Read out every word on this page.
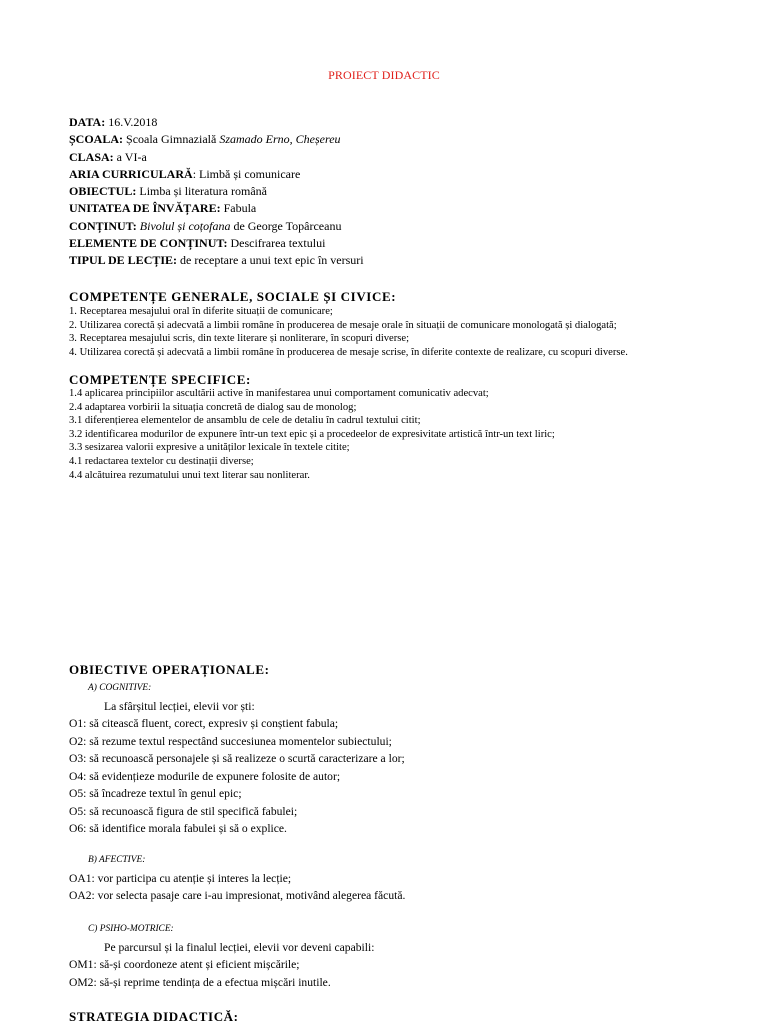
PROIECT DIDACTIC
DATA: 16.V.2018
ȘCOALA: Școala Gimnazială Szamado Erno, Cheșereu
CLASA: a VI-a
ARIA CURRICULARĂ: Limbă și comunicare
OBIECTUL: Limba și literatura română
UNITATEA DE ÎNVĂȚARE: Fabula
CONȚINUT: Bivolul și coțofana de George Topârceanu
ELEMENTE DE CONȚINUT: Descifrarea textului
TIPUL DE LECȚIE: de receptare a unui text epic în versuri
COMPETENȚE GENERALE, SOCIALE ȘI CIVICE:
1. Receptarea mesajului oral în diferite situații de comunicare;
2. Utilizarea corectă și adecvată a limbii române în producerea de mesaje orale în situații de comunicare monologată și dialogată;
3. Receptarea mesajului scris, din texte literare și nonliterare, în scopuri diverse;
4. Utilizarea corectă și adecvată a limbii române în producerea de mesaje scrise, în diferite contexte de realizare, cu scopuri diverse.
COMPETENȚE SPECIFICE:
1.4 aplicarea principiilor ascultării active în manifestarea unui comportament comunicativ adecvat;
2.4 adaptarea vorbirii la situația concretă de dialog sau de monolog;
3.1 diferențierea elementelor de ansamblu de cele de detaliu în cadrul textului citit;
3.2 identificarea modurilor de expunere într-un text epic și a procedeelor de expresivitate artistică într-un text liric;
3.3 sesizarea valorii expresive a unităților lexicale în textele citite;
4.1 redactarea textelor cu destinații diverse;
4.4 alcătuirea rezumatului unui text literar sau nonliterar.
OBIECTIVE OPERAȚIONALE:
A) COGNITIVE:
La sfârșitul lecției, elevii vor ști:
O1: să citească fluent, corect, expresiv și conștient fabula;
O2: să rezume textul respectând succesiunea momentelor subiectului;
O3: să recunoască personajele și să realizeze o scurtă caracterizare a lor;
O4: să evidențieze modurile de expunere folosite de autor;
O5: să încadreze textul în genul epic;
O5: să recunoască figura de stil specifică fabulei;
O6: să identifice morala fabulei și să o explice.
B) AFECTIVE:
OA1: vor participa cu atenție și interes la lecție;
OA2: vor selecta pasaje care i-au impresionat, motivând alegerea făcută.
C) PSIHO-MOTRICE:
Pe parcursul și la finalul lecției, elevii vor deveni capabili:
OM1: să-și coordoneze atent și eficient mișcările;
OM2: să-și reprime tendința de a efectua mișcări inutile.
STRATEGIA DIDACTICĂ:
